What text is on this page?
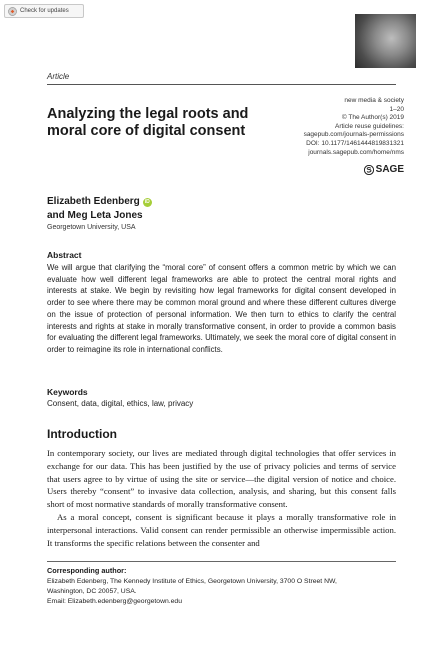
Check for updates
Article
Analyzing the legal roots and moral core of digital consent
new media & society
1–20
© The Author(s) 2019
Article reuse guidelines:
sagepub.com/journals-permissions
DOI: 10.1177/1461444819831321
journals.sagepub.com/home/nms
SAGE
Elizabeth Edenberg	iD
and Meg Leta Jones
Georgetown University, USA
Abstract

We will argue that clarifying the “moral core” of consent offers a common metric by which we can evaluate how well different legal frameworks are able to protect the central moral rights and interests at stake. We begin by revisiting how legal frameworks for digital consent developed in order to see where there may be common moral ground and where these different cultures diverge on the issue of protection of personal information. We then turn to ethics to clarify the central interests and rights at stake in morally transformative consent, in order to provide a common basis for evaluating the different legal frameworks. Ultimately, we seek the moral core of digital consent in order to reimagine its role in international conflicts.

Keywords
Consent, data, digital, ethics, law, privacy
Introduction

In contemporary society, our lives are mediated through digital technologies that offer services in exchange for our data. This has been justified by the use of privacy policies and terms of service that users agree to by virtue of using the site or service—the digital version of notice and choice. Users thereby “consent” to invasive data collection, analysis, and sharing, but this consent falls short of most normative standards of morally transformative consent.

As a moral concept, consent is significant because it plays a morally transformative role in interpersonal interactions. Valid consent can render permissible an otherwise impermissible action. It transforms the specific relations between the consenter and

Corresponding author:
Elizabeth Edenberg, The Kennedy Institute of Ethics, Georgetown University, 3700 O Street NW,
Washington, DC 20057, USA.
Email: Elizabeth.edenberg@georgetown.edu
